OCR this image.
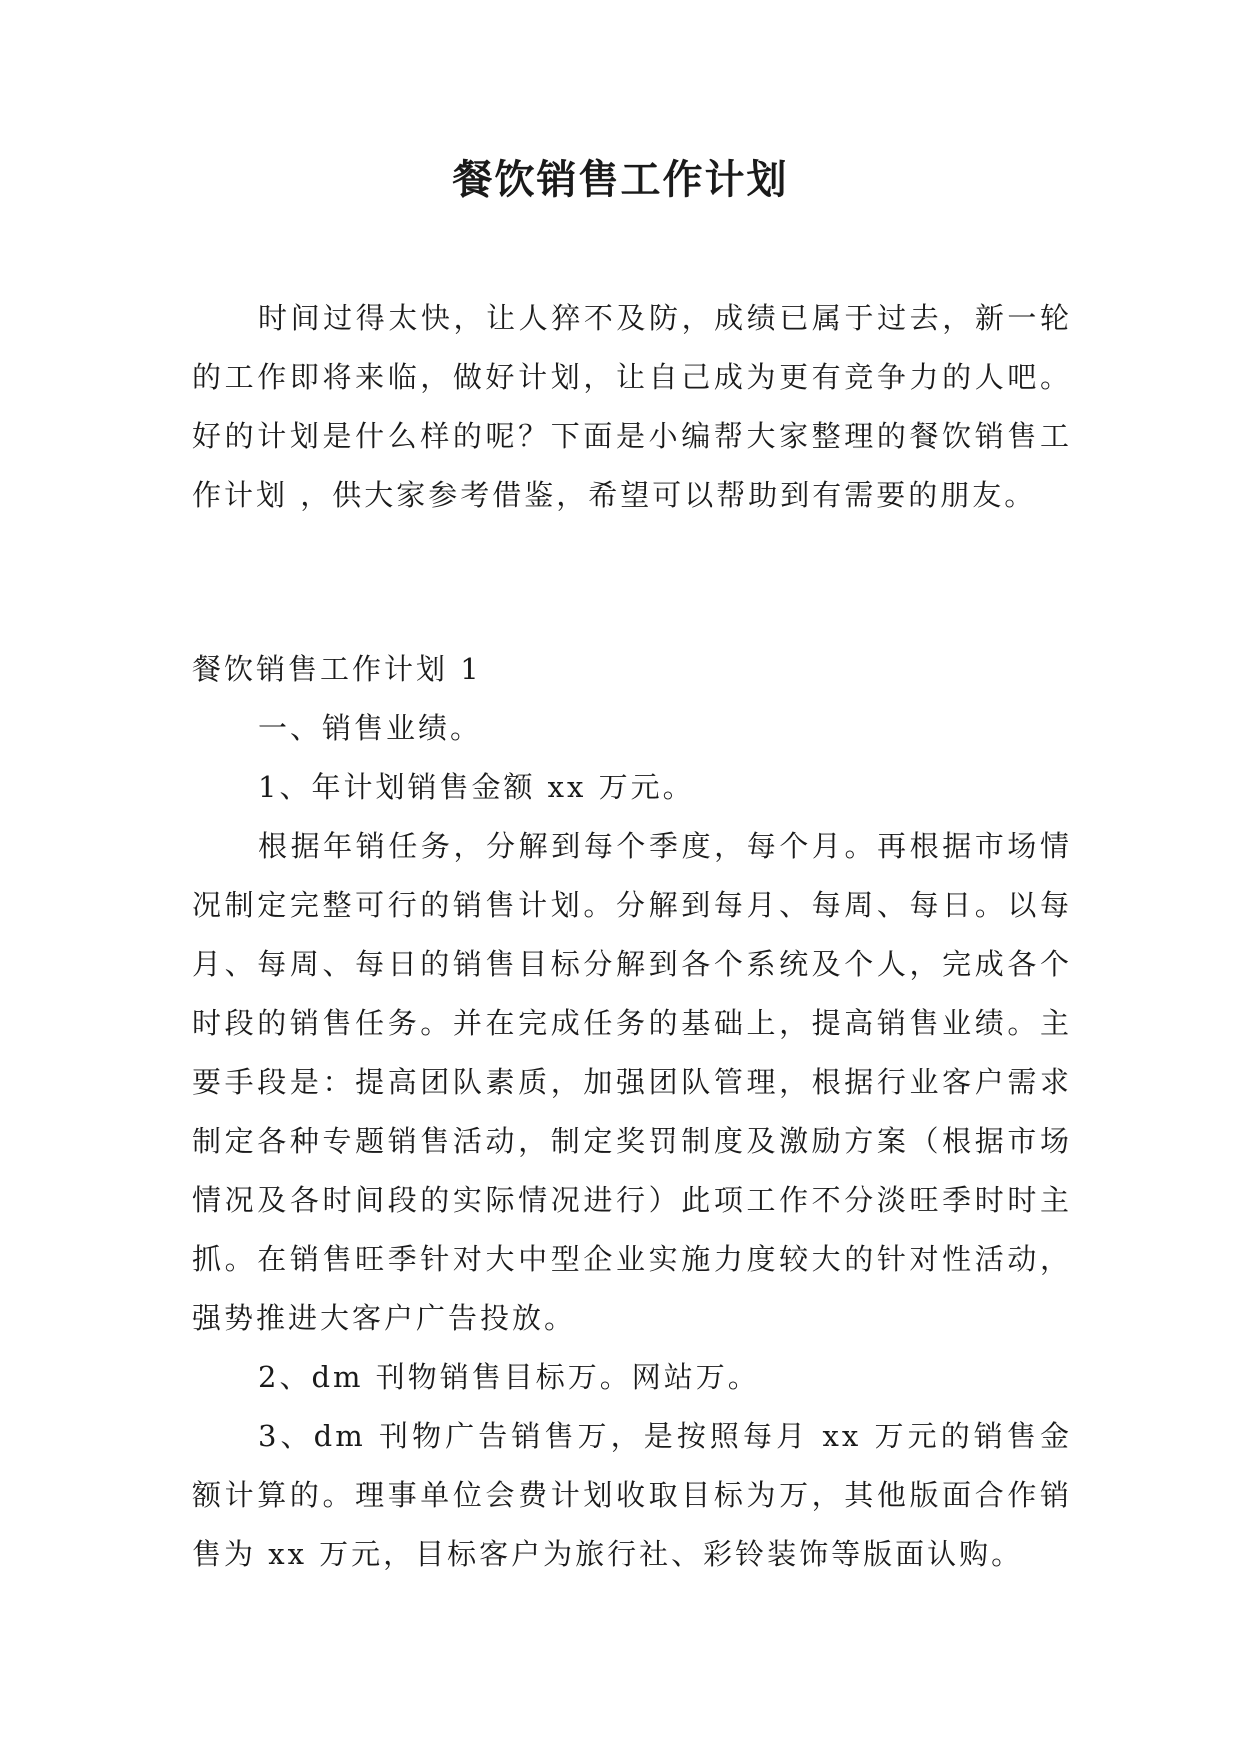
餐饮销售工作计划

时间过得太快，让人猝不及防，成绩已属于过去，新一轮的工作即将来临，做好计划，让自己成为更有竞争力的人吧。好的计划是什么样的呢？下面是小编帮大家整理的餐饮销售工作计划 ，供大家参考借鉴，希望可以帮助到有需要的朋友。

餐饮销售工作计划 1

一、销售业绩。

1、年计划销售金额 xx 万元。

根据年销任务，分解到每个季度，每个月。再根据市场情况制定完整可行的销售计划。分解到每月、每周、每日。以每月、每周、每日的销售目标分解到各个系统及个人，完成各个时段的销售任务。并在完成任务的基础上，提高销售业绩。主要手段是：提高团队素质，加强团队管理，根据行业客户需求制定各种专题销售活动，制定奖罚制度及激励方案（根据市场情况及各时间段的实际情况进行）此项工作不分淡旺季时时主抓。在销售旺季针对大中型企业实施力度较大的针对性活动，强势推进大客户广告投放。

2、dm 刊物销售目标万。网站万。

3、dm 刊物广告销售万，是按照每月 xx 万元的销售金额计算的。理事单位会费计划收取目标为万，其他版面合作销售为 xx 万元，目标客户为旅行社、彩铃装饰等版面认购。
